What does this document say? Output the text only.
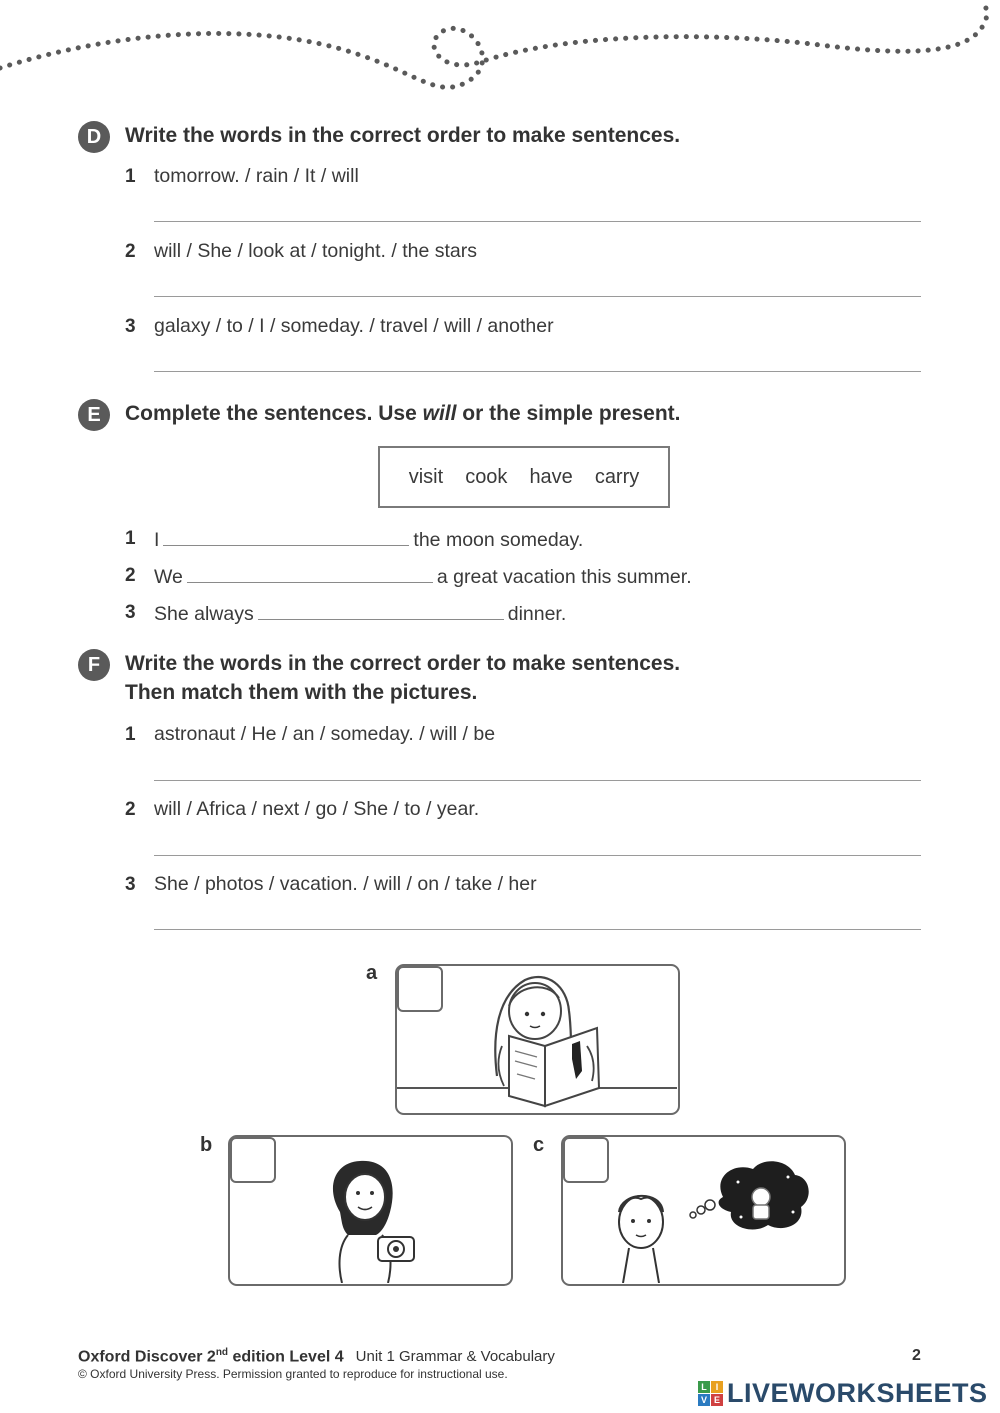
D	Write the words in the correct order to make sentences.
1 tomorrow. / rain / It / will
2 will / She / look at / tonight. / the stars
3 galaxy / to / I / someday. / travel / will / another
E	Complete the sentences. Use will or the simple present.
visit cook have carry
1 I	the moon someday.
2 We	a great vacation this summer.
3 She always	dinner.
F	Write the words in the correct order to make sentences.
Then match them with the pictures.
1 astronaut / He / an / someday. / will / be
2 will / Africa / next / go / She / to / year.
3 She / photos / vacation. / will / on / take / her
a
b	c
Oxford Discover 2nd edition Level 4 Unit 1 Grammar & Vocabulary
© Oxford University Press. Permission granted to reproduce for instructional use.
2
L I
V E LIVEWORKSHEETS
